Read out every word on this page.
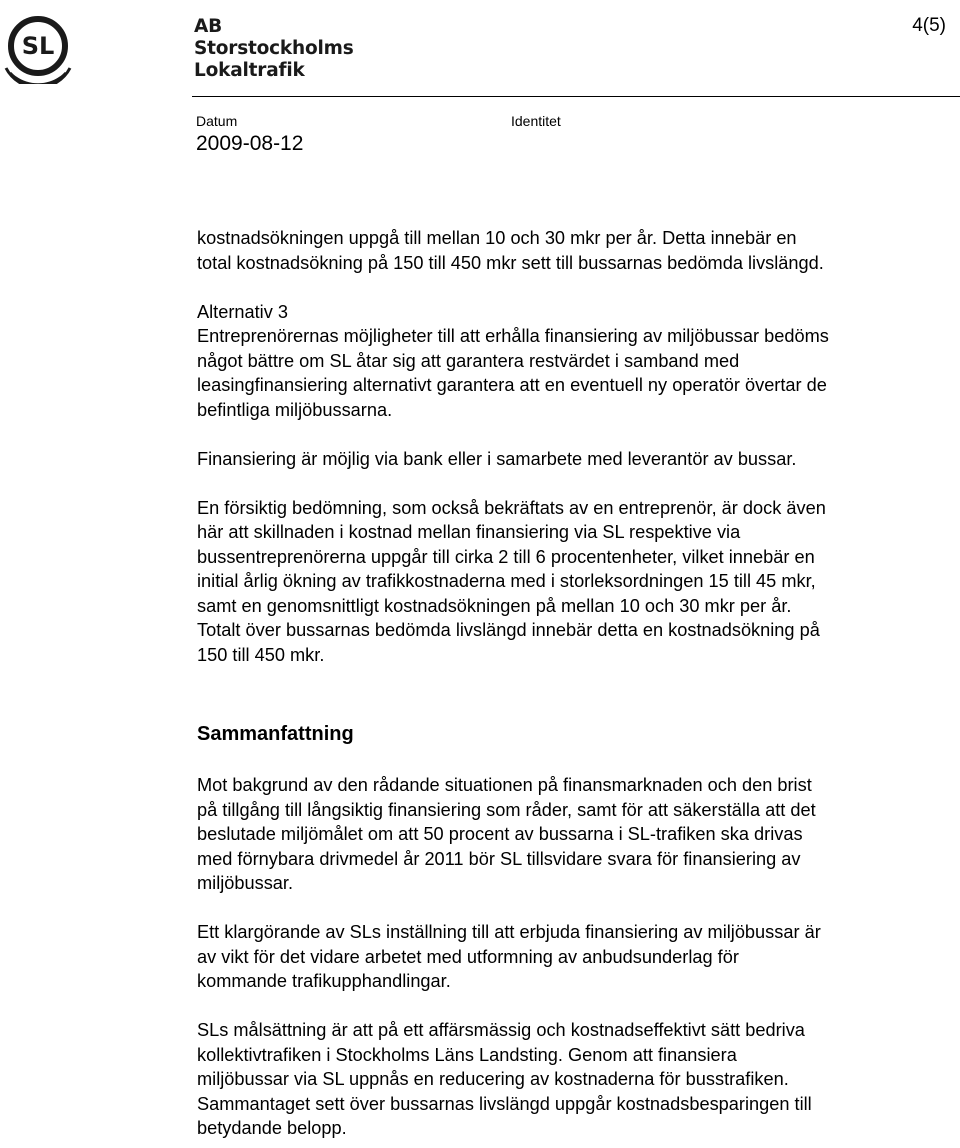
SL
AB
Storstockholms
Lokaltrafik
4(5)
Datum	Identitet
2009-08-12

kostnadsökningen uppgå till mellan 10 och 30 mkr per år. Detta innebär en
total kostnadsökning på 150 till 450 mkr sett till bussarnas bedömda livslängd.

Alternativ 3
Entreprenörernas möjligheter till att erhålla finansiering av miljöbussar bedöms
något bättre om SL åtar sig att garantera restvärdet i samband med
leasingfinansiering alternativt garantera att en eventuell ny operatör övertar de
befintliga miljöbussarna.

Finansiering är möjlig via bank eller i samarbete med leverantör av bussar.

En försiktig bedömning, som också bekräftats av en entreprenör, är dock även
här att skillnaden i kostnad mellan finansiering via SL respektive via
bussentreprenörerna uppgår till cirka 2 till 6 procentenheter, vilket innebär en
initial årlig ökning av trafikkostnaderna med i storleksordningen 15 till 45 mkr,
samt en genomsnittligt kostnadsökningen på mellan 10 och 30 mkr per år.
Totalt över bussarnas bedömda livslängd innebär detta en kostnadsökning på
150 till 450 mkr.

Sammanfattning

Mot bakgrund av den rådande situationen på finansmarknaden och den brist
på tillgång till långsiktig finansiering som råder, samt för att säkerställa att det
beslutade miljömålet om att 50 procent av bussarna i SL-trafiken ska drivas
med förnybara drivmedel år 2011 bör SL tillsvidare svara för finansiering av
miljöbussar.

Ett klargörande av SLs inställning till att erbjuda finansiering av miljöbussar är
av vikt för det vidare arbetet med utformning av anbudsunderlag för
kommande trafikupphandlingar.

SLs målsättning är att på ett affärsmässig och kostnadseffektivt sätt bedriva
kollektivtrafiken i Stockholms Läns Landsting. Genom att finansiera
miljöbussar via SL uppnås en reducering av kostnaderna för busstrafiken.
Sammantaget sett över bussarnas livslängd uppgår kostnadsbesparingen till
betydande belopp.
